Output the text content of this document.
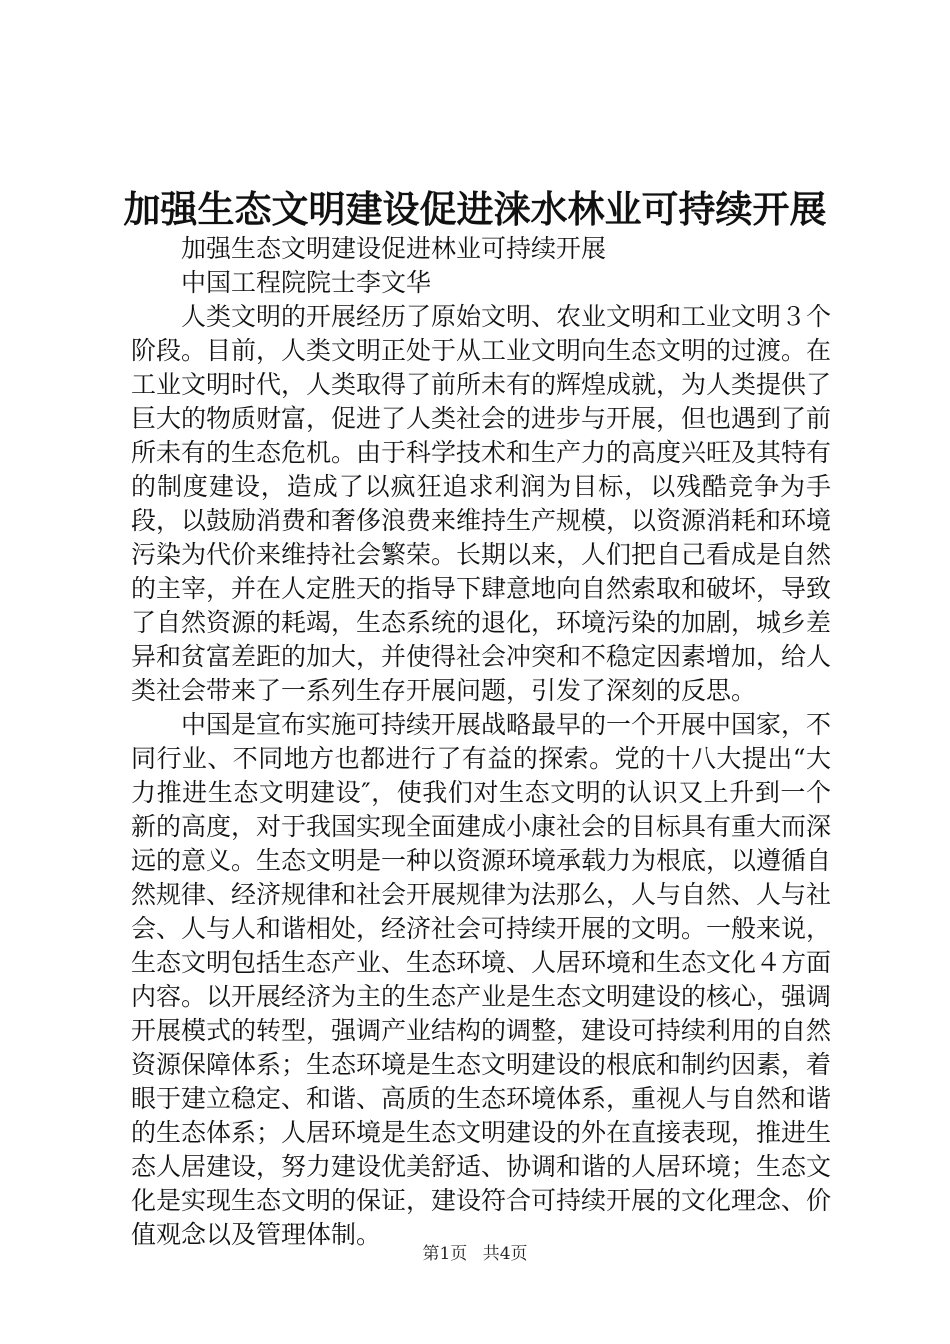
加强生态文明建设促进涞水林业可持续开展

加强生态文明建设促进林业可持续开展

中国工程院院士李文华

人类文明的开展经历了原始文明、农业文明和工业文明３个阶段。目前，人类文明正处于从工业文明向生态文明的过渡。在工业文明时代，人类取得了前所未有的辉煌成就，为人类提供了巨大的物质财富，促进了人类社会的进步与开展，但也遇到了前所未有的生态危机。由于科学技术和生产力的高度兴旺及其特有的制度建设，造成了以疯狂追求利润为目标，以残酷竞争为手段，以鼓励消费和奢侈浪费来维持生产规模，以资源消耗和环境污染为代价来维持社会繁荣。长期以来，人们把自己看成是自然的主宰，并在人定胜天的指导下肆意地向自然索取和破坏，导致了自然资源的耗竭，生态系统的退化，环境污染的加剧，城乡差异和贫富差距的加大，并使得社会冲突和不稳定因素增加，给人类社会带来了一系列生存开展问题，引发了深刻的反思。

中国是宣布实施可持续开展战略最早的一个开展中国家，不同行业、不同地方也都进行了有益的探索。党的十八大提出“大力推进生态文明建设″，使我们对生态文明的认识又上升到一个新的高度，对于我国实现全面建成小康社会的目标具有重大而深远的意义。生态文明是一种以资源环境承载力为根底，以遵循自然规律、经济规律和社会开展规律为法那么，人与自然、人与社会、人与人和谐相处，经济社会可持续开展的文明。一般来说，生态文明包括生态产业、生态环境、人居环境和生态文化４方面内容。以开展经济为主的生态产业是生态文明建设的核心，强调开展模式的转型，强调产业结构的调整，建设可持续利用的自然资源保障体系；生态环境是生态文明建设的根底和制约因素，着眼于建立稳定、和谐、高质的生态环境体系，重视人与自然和谐的生态体系；人居环境是生态文明建设的外在直接表现，推进生态人居建设，努力建设优美舒适、协调和谐的人居环境；生态文化是实现生态文明的保证，建设符合可持续开展的文化理念、价值观念以及管理体制。

第1页 共4页
